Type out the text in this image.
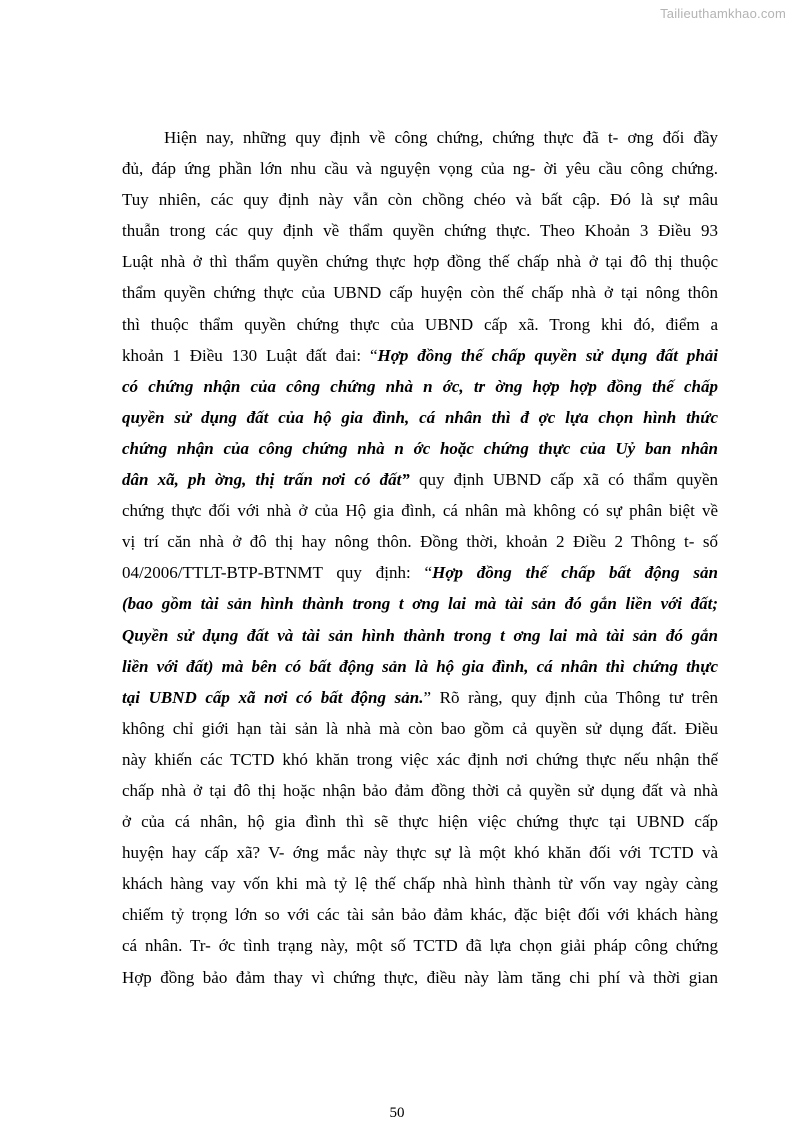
Tailieuthamkhao.com
Hiện nay, những quy định về công chứng, chứng thực đã t- ơng đối đầy
đủ, đáp ứng phần lớn nhu cầu và nguyện vọng của ng- ời yêu cầu công chứng.
Tuy nhiên, các quy định này vẫn còn chồng chéo và bất cập. Đó là sự mâu
thuẫn trong các quy định về thẩm quyền chứng thực. Theo Khoản 3 Điều 93
Luật nhà ở thì thẩm quyền chứng thực hợp đồng thế chấp nhà ở tại đô thị thuộc
thẩm quyền chứng thực của UBND cấp huyện còn thế chấp nhà ở tại nông thôn
thì thuộc thẩm quyền chứng thực của UBND cấp xã. Trong khi đó, điểm a
khoản 1 Điều 130 Luật đất đai: “Hợp đồng thế chấp quyền sử dụng đất phải
có chứng nhận của công chứng nhà n ớc, tr ờng hợp hợp đồng thế chấp
quyền sử dụng đất của hộ gia đình, cá nhân thì đ ợc lựa chọn hình thức
chứng nhận của công chứng nhà n ớc hoặc chứng thực của Uỷ ban nhân
dân xã, ph ờng, thị trấn nơi có đất” quy định UBND cấp xã có thẩm quyền
chứng thực đối với nhà ở của Hộ gia đình, cá nhân mà không có sự phân biệt về
vị trí căn nhà ở đô thị hay nông thôn. Đồng thời, khoản 2 Điều 2 Thông t- số
04/2006/TTLT-BTP-BTNMT quy định: “Hợp đồng thế chấp bất động sản
(bao gồm tài sản hình thành trong t ơng lai mà tài sản đó gắn liền với đất;
Quyền sử dụng đất và tài sản hình thành trong t ơng lai mà tài sản đó gắn
liền với đất) mà bên có bất động sản là hộ gia đình, cá nhân thì chứng thực
tại UBND cấp xã nơi có bất động sản.” Rõ ràng, quy định của Thông tư trên
không chỉ giới hạn tài sản là nhà mà còn bao gồm cả quyền sử dụng đất. Điều
này khiến các TCTD khó khăn trong việc xác định nơi chứng thực nếu nhận thế
chấp nhà ở tại đô thị hoặc nhận bảo đảm đồng thời cả quyền sử dụng đất và nhà
ở của cá nhân, hộ gia đình thì sẽ thực hiện việc chứng thực tại UBND cấp
huyện hay cấp xã? V- ớng mắc này thực sự là một khó khăn đối với TCTD và
khách hàng vay vốn khi mà tỷ lệ thế chấp nhà hình thành từ vốn vay ngày càng
chiếm tỷ trọng lớn so với các tài sản bảo đảm khác, đặc biệt đối với khách hàng
cá nhân. Tr- ớc tình trạng này, một số TCTD đã lựa chọn giải pháp công chứng
Hợp đồng bảo đảm thay vì chứng thực, điều này làm tăng chi phí và thời gian
50
